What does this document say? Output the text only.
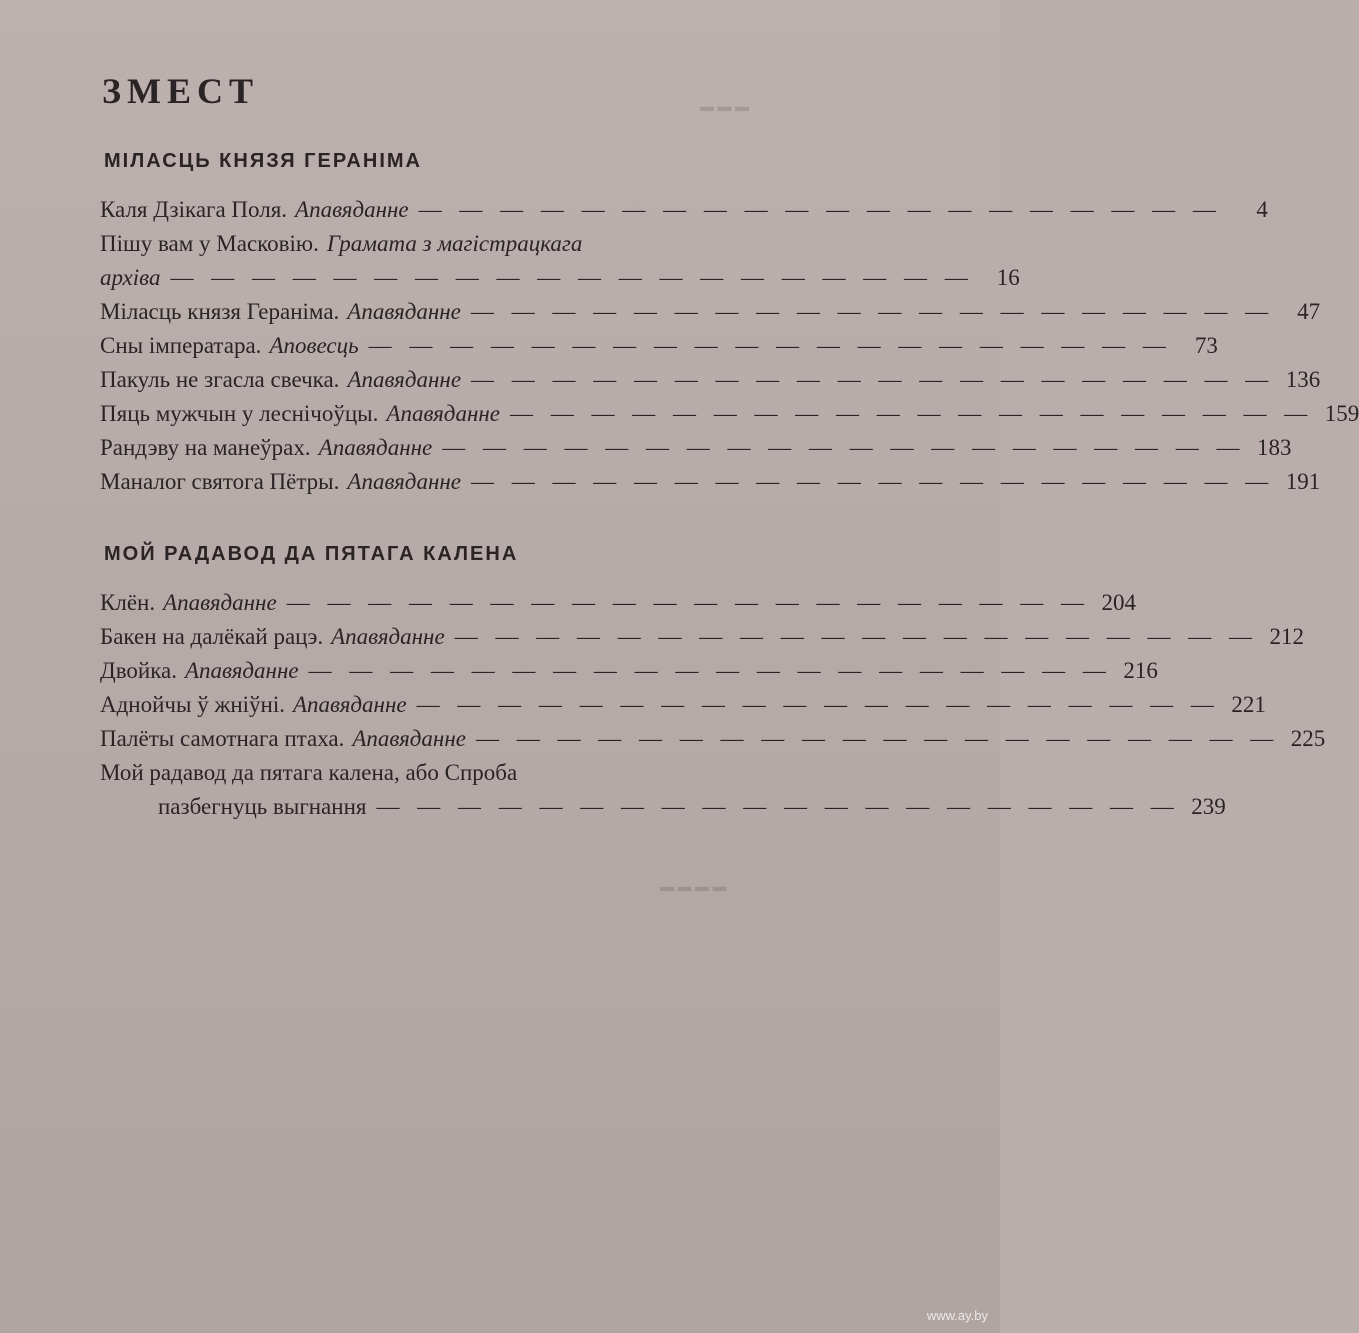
▬ ▬ ▬
▬ ▬ ▬ ▬
ЗМЕСТ
МІЛАСЦЬ КНЯЗЯ ГЕРАНІМА
Каля Дзікага Поля. Апавяданне — — — — — — — — — — — — — — — — — — — —	4
Пішу вам у Масковію. Грамата з магістрацкага
архіва — — — — — — — — — — — — — — — — — — — —	16
Міласць князя Гераніма. Апавяданне — — — — — — — — — — — — — — — — — — — —	47
Сны імператара. Аповесць — — — — — — — — — — — — — — — — — — — —	73
Пакуль не згасла свечка. Апавяданне — — — — — — — — — — — — — — — — — — — — 136
Пяць мужчын у леснічоўцы. Апавяданне — — — — — — — — — — — — — — — — — — — — 159
Рандэву на манеўрах. Апавяданне — — — — — — — — — — — — — — — — — — — — 183
Маналог святога Пётры. Апавяданне — — — — — — — — — — — — — — — — — — — — 191
МОЙ РАДАВОД ДА ПЯТАГА КАЛЕНА
Клён. Апавяданне — — — — — — — — — — — — — — — — — — — — 204
Бакен на далёкай рацэ. Апавяданне — — — — — — — — — — — — — — — — — — — — 212
Двойка. Апавяданне — — — — — — — — — — — — — — — — — — — — 216
Аднойчы ў жніўні. Апавяданне — — — — — — — — — — — — — — — — — — — — 221
Палёты самотнага птаха. Апавяданне — — — — — — — — — — — — — — — — — — — — 225
Мой радавод да пятага калена, або Спроба
пазбегнуць выгнання — — — — — — — — — — — — — — — — — — — — 239
www.ay.by
